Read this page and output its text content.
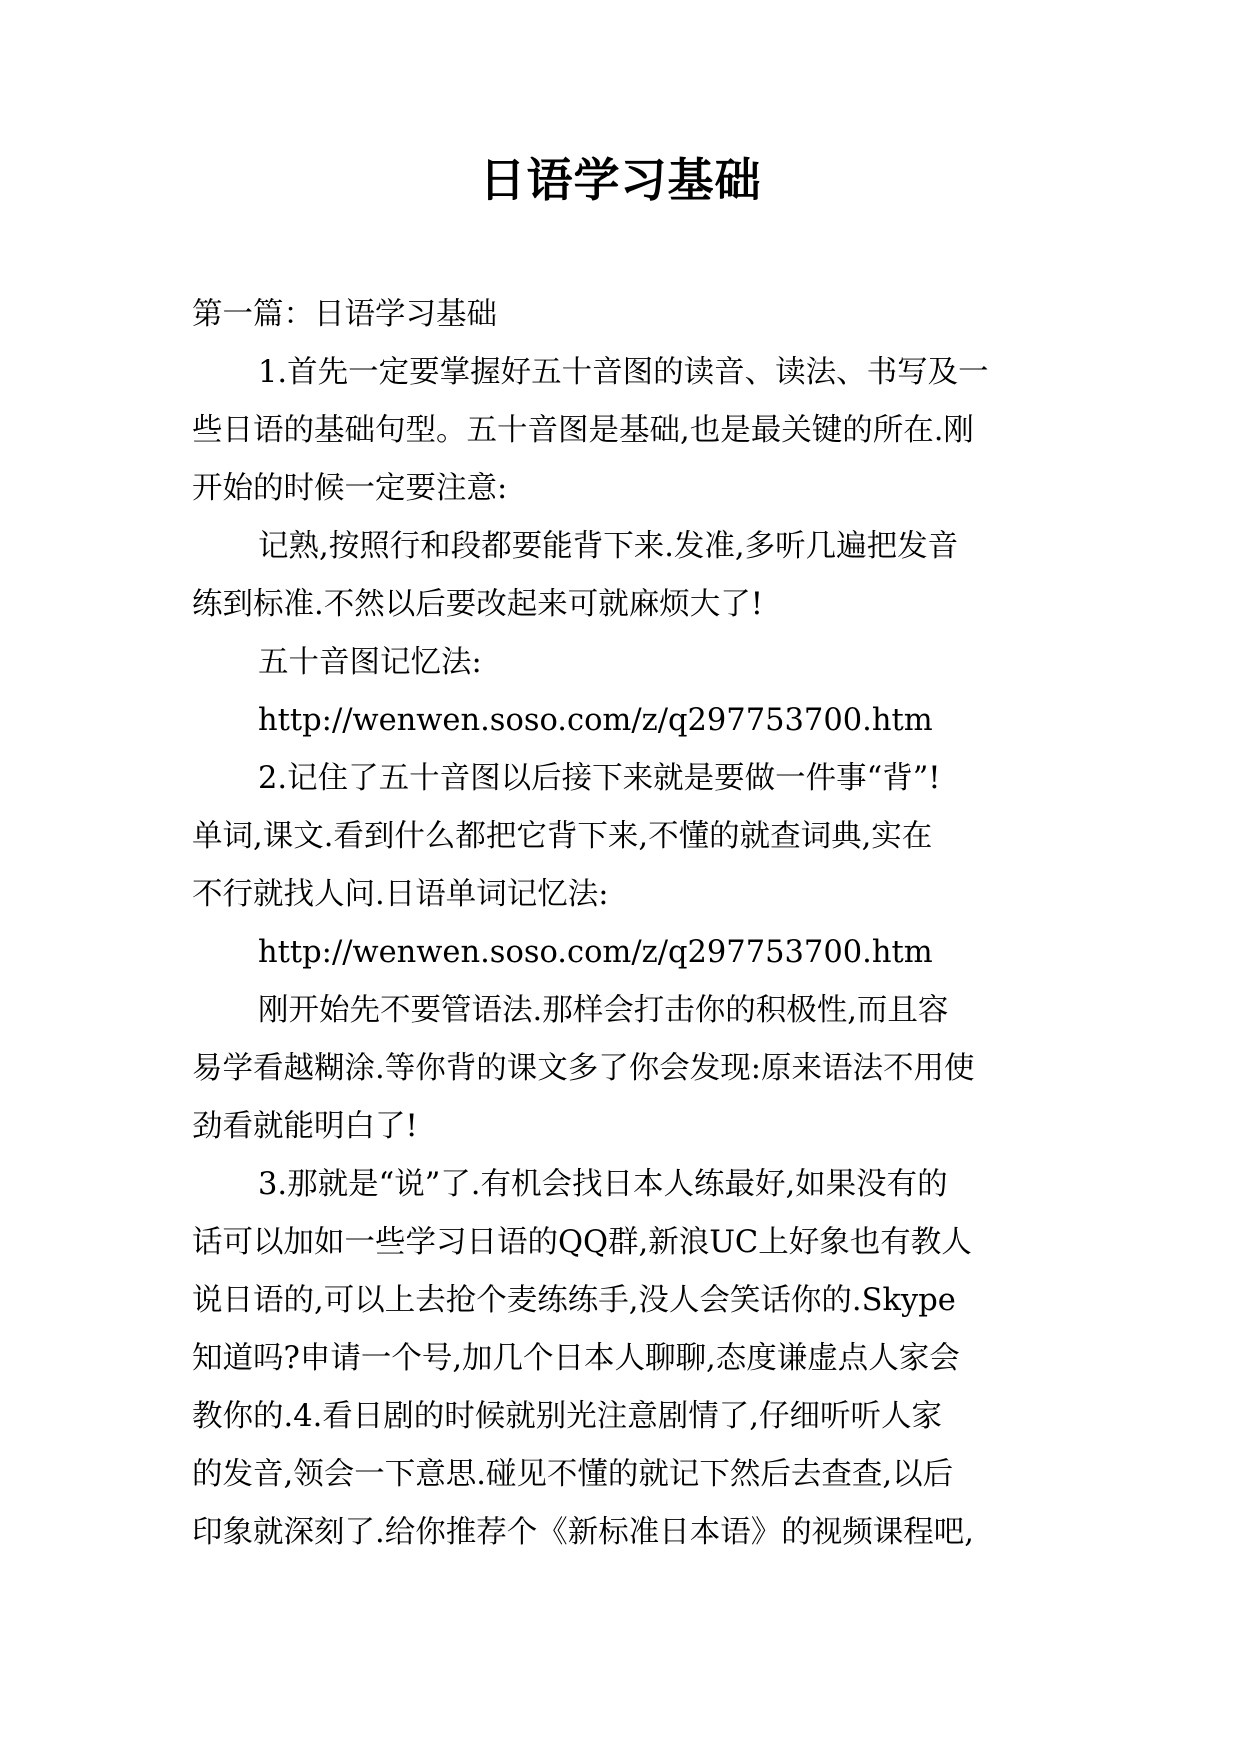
日语学习基础
第一篇：日语学习基础
1.首先一定要掌握好五十音图的读音、读法、书写及一
些日语的基础句型。五十音图是基础,也是最关键的所在.刚
开始的时候一定要注意:
记熟,按照行和段都要能背下来.发准,多听几遍把发音
练到标准.不然以后要改起来可就麻烦大了!
五十音图记忆法:
http://wenwen.soso.com/z/q297753700.htm
2.记住了五十音图以后接下来就是要做一件事“背”!
单词,课文.看到什么都把它背下来,不懂的就查词典,实在
不行就找人问.日语单词记忆法:
http://wenwen.soso.com/z/q297753700.htm
刚开始先不要管语法.那样会打击你的积极性,而且容
易学看越糊涂.等你背的课文多了你会发现:原来语法不用使
劲看就能明白了!
3.那就是“说”了.有机会找日本人练最好,如果没有的
话可以加如一些学习日语的QQ群,新浪UC上好象也有教人
说日语的,可以上去抢个麦练练手,没人会笑话你的.Skype
知道吗?申请一个号,加几个日本人聊聊,态度谦虚点人家会
教你的.4.看日剧的时候就别光注意剧情了,仔细听听人家
的发音,领会一下意思.碰见不懂的就记下然后去查查,以后
印象就深刻了.给你推荐个《新标准日本语》的视频课程吧,
